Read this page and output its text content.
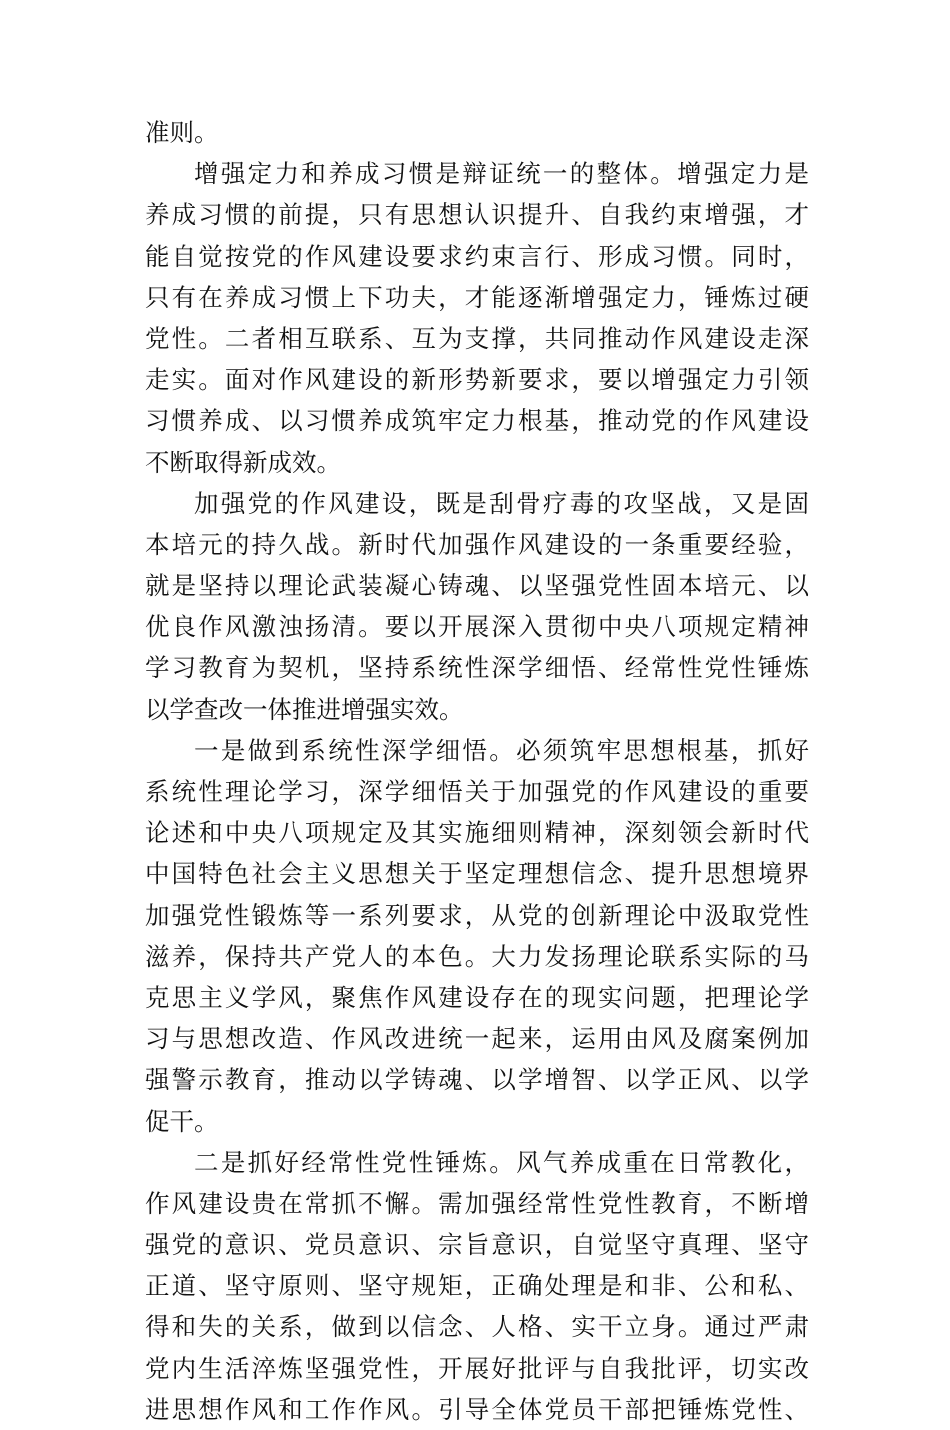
准则。
增强定力和养成习惯是辩证统一的整体。增强定力是
养成习惯的前提，只有思想认识提升、自我约束增强，才
能自觉按党的作风建设要求约束言行、形成习惯。同时，
只有在养成习惯上下功夫，才能逐渐增强定力，锤炼过硬
党性。二者相互联系、互为支撑，共同推动作风建设走深
走实。面对作风建设的新形势新要求，要以增强定力引领
习惯养成、以习惯养成筑牢定力根基，推动党的作风建设
不断取得新成效。
加强党的作风建设，既是刮骨疗毒的攻坚战，又是固
本培元的持久战。新时代加强作风建设的一条重要经验，
就是坚持以理论武装凝心铸魂、以坚强党性固本培元、以
优良作风激浊扬清。要以开展深入贯彻中央八项规定精神
学习教育为契机，坚持系统性深学细悟、经常性党性锤炼
以学查改一体推进增强实效。
一是做到系统性深学细悟。必须筑牢思想根基，抓好
系统性理论学习，深学细悟关于加强党的作风建设的重要
论述和中央八项规定及其实施细则精神，深刻领会新时代
中国特色社会主义思想关于坚定理想信念、提升思想境界
加强党性锻炼等一系列要求，从党的创新理论中汲取党性
滋养，保持共产党人的本色。大力发扬理论联系实际的马
克思主义学风，聚焦作风建设存在的现实问题，把理论学
习与思想改造、作风改进统一起来，运用由风及腐案例加
强警示教育，推动以学铸魂、以学增智、以学正风、以学
促干。
二是抓好经常性党性锤炼。风气养成重在日常教化，
作风建设贵在常抓不懈。需加强经常性党性教育，不断增
强党的意识、党员意识、宗旨意识，自觉坚守真理、坚守
正道、坚守原则、坚守规矩，正确处理是和非、公和私、
得和失的关系，做到以信念、人格、实干立身。通过严肃
党内生活淬炼坚强党性，开展好批评与自我批评，切实改
进思想作风和工作作风。引导全体党员干部把锤炼党性、
